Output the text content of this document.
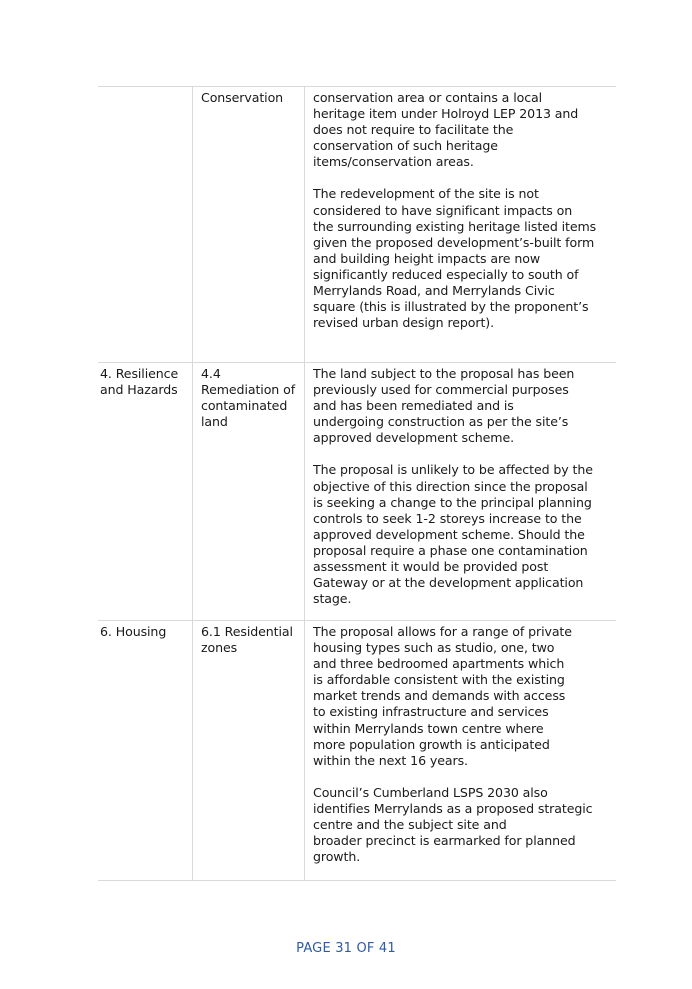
Conservation	conservation area or contains a local
heritage item under Holroyd LEP 2013 and
does not require to facilitate the
conservation of such heritage
items/conservation areas.
The redevelopment of the site is not
considered to have significant impacts on
the surrounding existing heritage listed items
given the proposed development’s-built form
and building height impacts are now
significantly reduced especially to south of
Merrylands Road, and Merrylands Civic
square (this is illustrated by the proponent’s
revised urban design report).
4. Resilience
and Hazards
4.4
Remediation of
contaminated
land
The land subject to the proposal has been
previously used for commercial purposes
and has been remediated and is
undergoing construction as per the site’s
approved development scheme.
The proposal is unlikely to be affected by the
objective of this direction since the proposal
is seeking a change to the principal planning
controls to seek 1-2 storeys increase to the
approved development scheme. Should the
proposal require a phase one contamination
assessment it would be provided post
Gateway or at the development application
stage.
6. Housing	6.1 Residential
zones
The proposal allows for a range of private
housing types such as studio, one, two
and three bedroomed apartments which
is affordable consistent with the existing
market trends and demands with access
to existing infrastructure and services
within Merrylands town centre where
more population growth is anticipated
within the next 16 years.
Council’s Cumberland LSPS 2030 also
identifies Merrylands as a proposed strategic
centre and the subject site and
broader precinct is earmarked for planned
growth.
PAGE 31 OF 41
